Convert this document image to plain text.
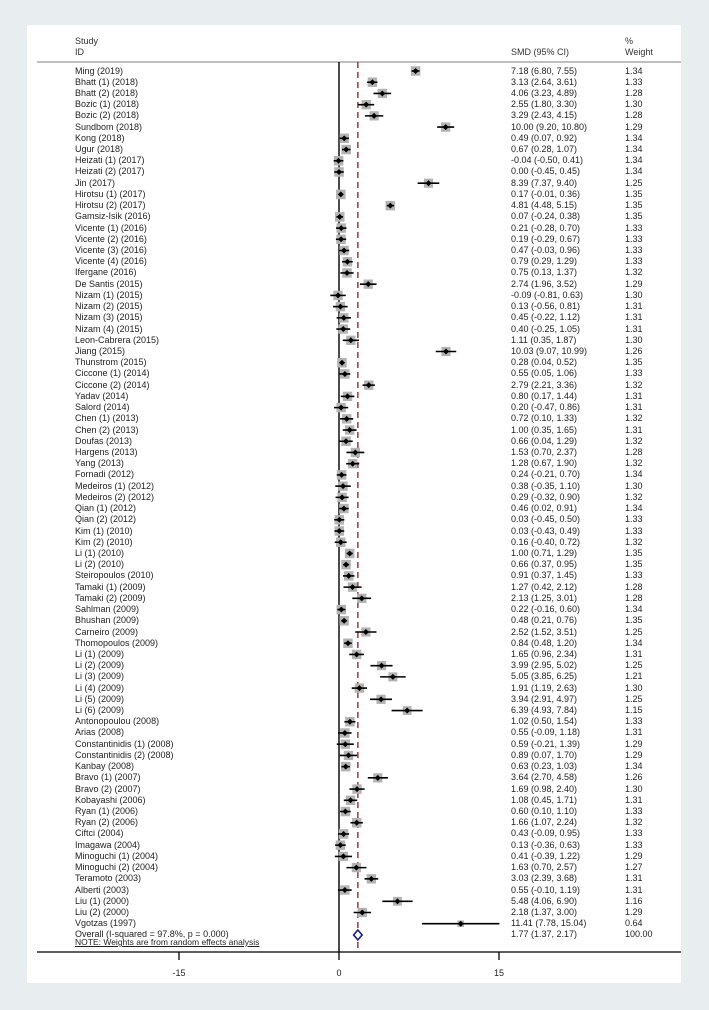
Study
ID	SMD (95% CI)
%
Weight
Ming (2019)	7.18 (6.80, 7.55)	1.34
Bhatt (1) (2018)	3.13 (2.64, 3.61)	1.33
Bhatt (2) (2018)	4.06 (3.23, 4.89)	1.28
Bozic (1) (2018)	2.55 (1.80, 3.30)	1.30
Bozic (2) (2018)	3.29 (2.43, 4.15)	1.28
Sundbom (2018)	10.00 (9.20, 10.80)	1.29
Kong (2018)	0.49 (0.07, 0.92)	1.34
Ugur (2018)	0.67 (0.28, 1.07)	1.34
Heizati (1) (2017)	-0.04 (-0.50, 0.41)	1.34
Heizati (2) (2017)	0.00 (-0.45, 0.45)	1.34
Jin (2017)	8.39 (7.37, 9.40)	1.25
Hirotsu (1) (2017)	0.17 (-0.01, 0.36)	1.35
Hirotsu (2) (2017)	4.81 (4.48, 5.15)	1.35
Gamsiz-Isik (2016)	0.07 (-0.24, 0.38)	1.35
Vicente (1) (2016)	0.21 (-0.28, 0.70)	1.33
Vicente (2) (2016)	0.19 (-0.29, 0.67)	1.33
Vicente (3) (2016)	0.47 (-0.03, 0.96)	1.33
Vicente (4) (2016)	0.79 (0.29, 1.29)	1.33
Ifergane (2016)	0.75 (0.13, 1.37)	1.32
De Santis (2015)	2.74 (1.96, 3.52)	1.29
Nizam (1) (2015)	-0.09 (-0.81, 0.63)	1.30
Nizam (2) (2015)	0.13 (-0.56, 0.81)	1.31
Nizam (3) (2015)	0.45 (-0.22, 1.12)	1.31
Nizam (4) (2015)	0.40 (-0.25, 1.05)	1.31
Leon-Cabrera (2015)	1.11 (0.35, 1.87)	1.30
Jiang (2015)	10.03 (9.07, 10.99)	1.26
Thunstrom (2015)	0.28 (0.04, 0.52)	1.35
Ciccone (1) (2014)	0.55 (0.05, 1.06)	1.33
Ciccone (2) (2014)	2.79 (2.21, 3.36)	1.32
Yadav (2014)	0.80 (0.17, 1.44)	1.31
Salord (2014)	0.20 (-0.47, 0.86)	1.31
Chen (1) (2013)	0.72 (0.10, 1.33)	1.32
Chen (2) (2013)	1.00 (0.35, 1.65)	1.31
Doufas (2013)	0.66 (0.04, 1.29)	1.32
Hargens (2013)	1.53 (0.70, 2.37)	1.28
Yang (2013)	1.28 (0.67, 1.90)	1.32
Fornadi (2012)	0.24 (-0.21, 0.70)	1.34
Medeiros (1) (2012)	0.38 (-0.35, 1.10)	1.30
Medeiros (2) (2012)	0.29 (-0.32, 0.90)	1.32
Qian (1) (2012)	0.46 (0.02, 0.91)	1.34
Qian (2) (2012)	0.03 (-0.45, 0.50)	1.33
Kim (1) (2010)	0.03 (-0.43, 0.49)	1.33
Kim (2) (2010)	0.16 (-0.40, 0.72)	1.32
Li (1) (2010)	1.00 (0.71, 1.29)	1.35
Li (2) (2010)	0.66 (0.37, 0.95)	1.35
Steiropoulos (2010)	0.91 (0.37, 1.45)	1.33
Tamaki (1) (2009)	1.27 (0.42, 2.12)	1.28
Tamaki (2) (2009)	2.13 (1.25, 3.01)	1.28
Sahlman (2009)	0.22 (-0.16, 0.60)	1.34
Bhushan (2009)	0.48 (0.21, 0.76)	1.35
Carneiro (2009)	2.52 (1.52, 3.51)	1.25
Thomopoulos (2009)	0.84 (0.48, 1.20)	1.34
Li (1) (2009)	1.65 (0.96, 2.34)	1.31
Li (2) (2009)	3.99 (2.95, 5.02)	1.25
Li (3) (2009)	5.05 (3.85, 6.25)	1.21
Li (4) (2009)	1.91 (1.19, 2.63)	1.30
Li (5) (2009)	3.94 (2.91, 4.97)	1.25
Li (6) (2009)	6.39 (4.93, 7.84)	1.15
Antonopoulou (2008)	1.02 (0.50, 1.54)	1.33
Arias (2008)	0.55 (-0.09, 1.18)	1.31
Constantinidis (1) (2008)	0.59 (-0.21, 1.39)	1.29
Constantinidis (2) (2008)	0.89 (0.07, 1.70)	1.29
Kanbay (2008)	0.63 (0.23, 1.03)	1.34
Bravo (1) (2007)	3.64 (2.70, 4.58)	1.26
Bravo (2) (2007)	1.69 (0.98, 2.40)	1.30
Kobayashi (2006)	1.08 (0.45, 1.71)	1.31
Ryan (1) (2006)	0.60 (0.10, 1.10)	1.33
Ryan (2) (2006)	1.66 (1.07, 2.24)	1.32
Ciftci (2004)	0.43 (-0.09, 0.95)	1.33
Imagawa (2004)	0.13 (-0.36, 0.63)	1.33
Minoguchi (1) (2004)	0.41 (-0.39, 1.22)	1.29
Minoguchi (2) (2004)	1.63 (0.70, 2.57)	1.27
Teramoto (2003)	3.03 (2.39, 3.68)	1.31
Alberti (2003)	0.55 (-0.10, 1.19)	1.31
Liu (1) (2000)	5.48 (4.06, 6.90)	1.16
Liu (2) (2000)	2.18 (1.37, 3.00)	1.29
Vgotzas (1997)	11.41 (7.78, 15.04)	0.64
Overall (I-squared = 97.8%, p = 0.000)	1.77 (1.37, 2.17)	100.00
NOTE: Weights are from random effects analysis
-15	0	15
